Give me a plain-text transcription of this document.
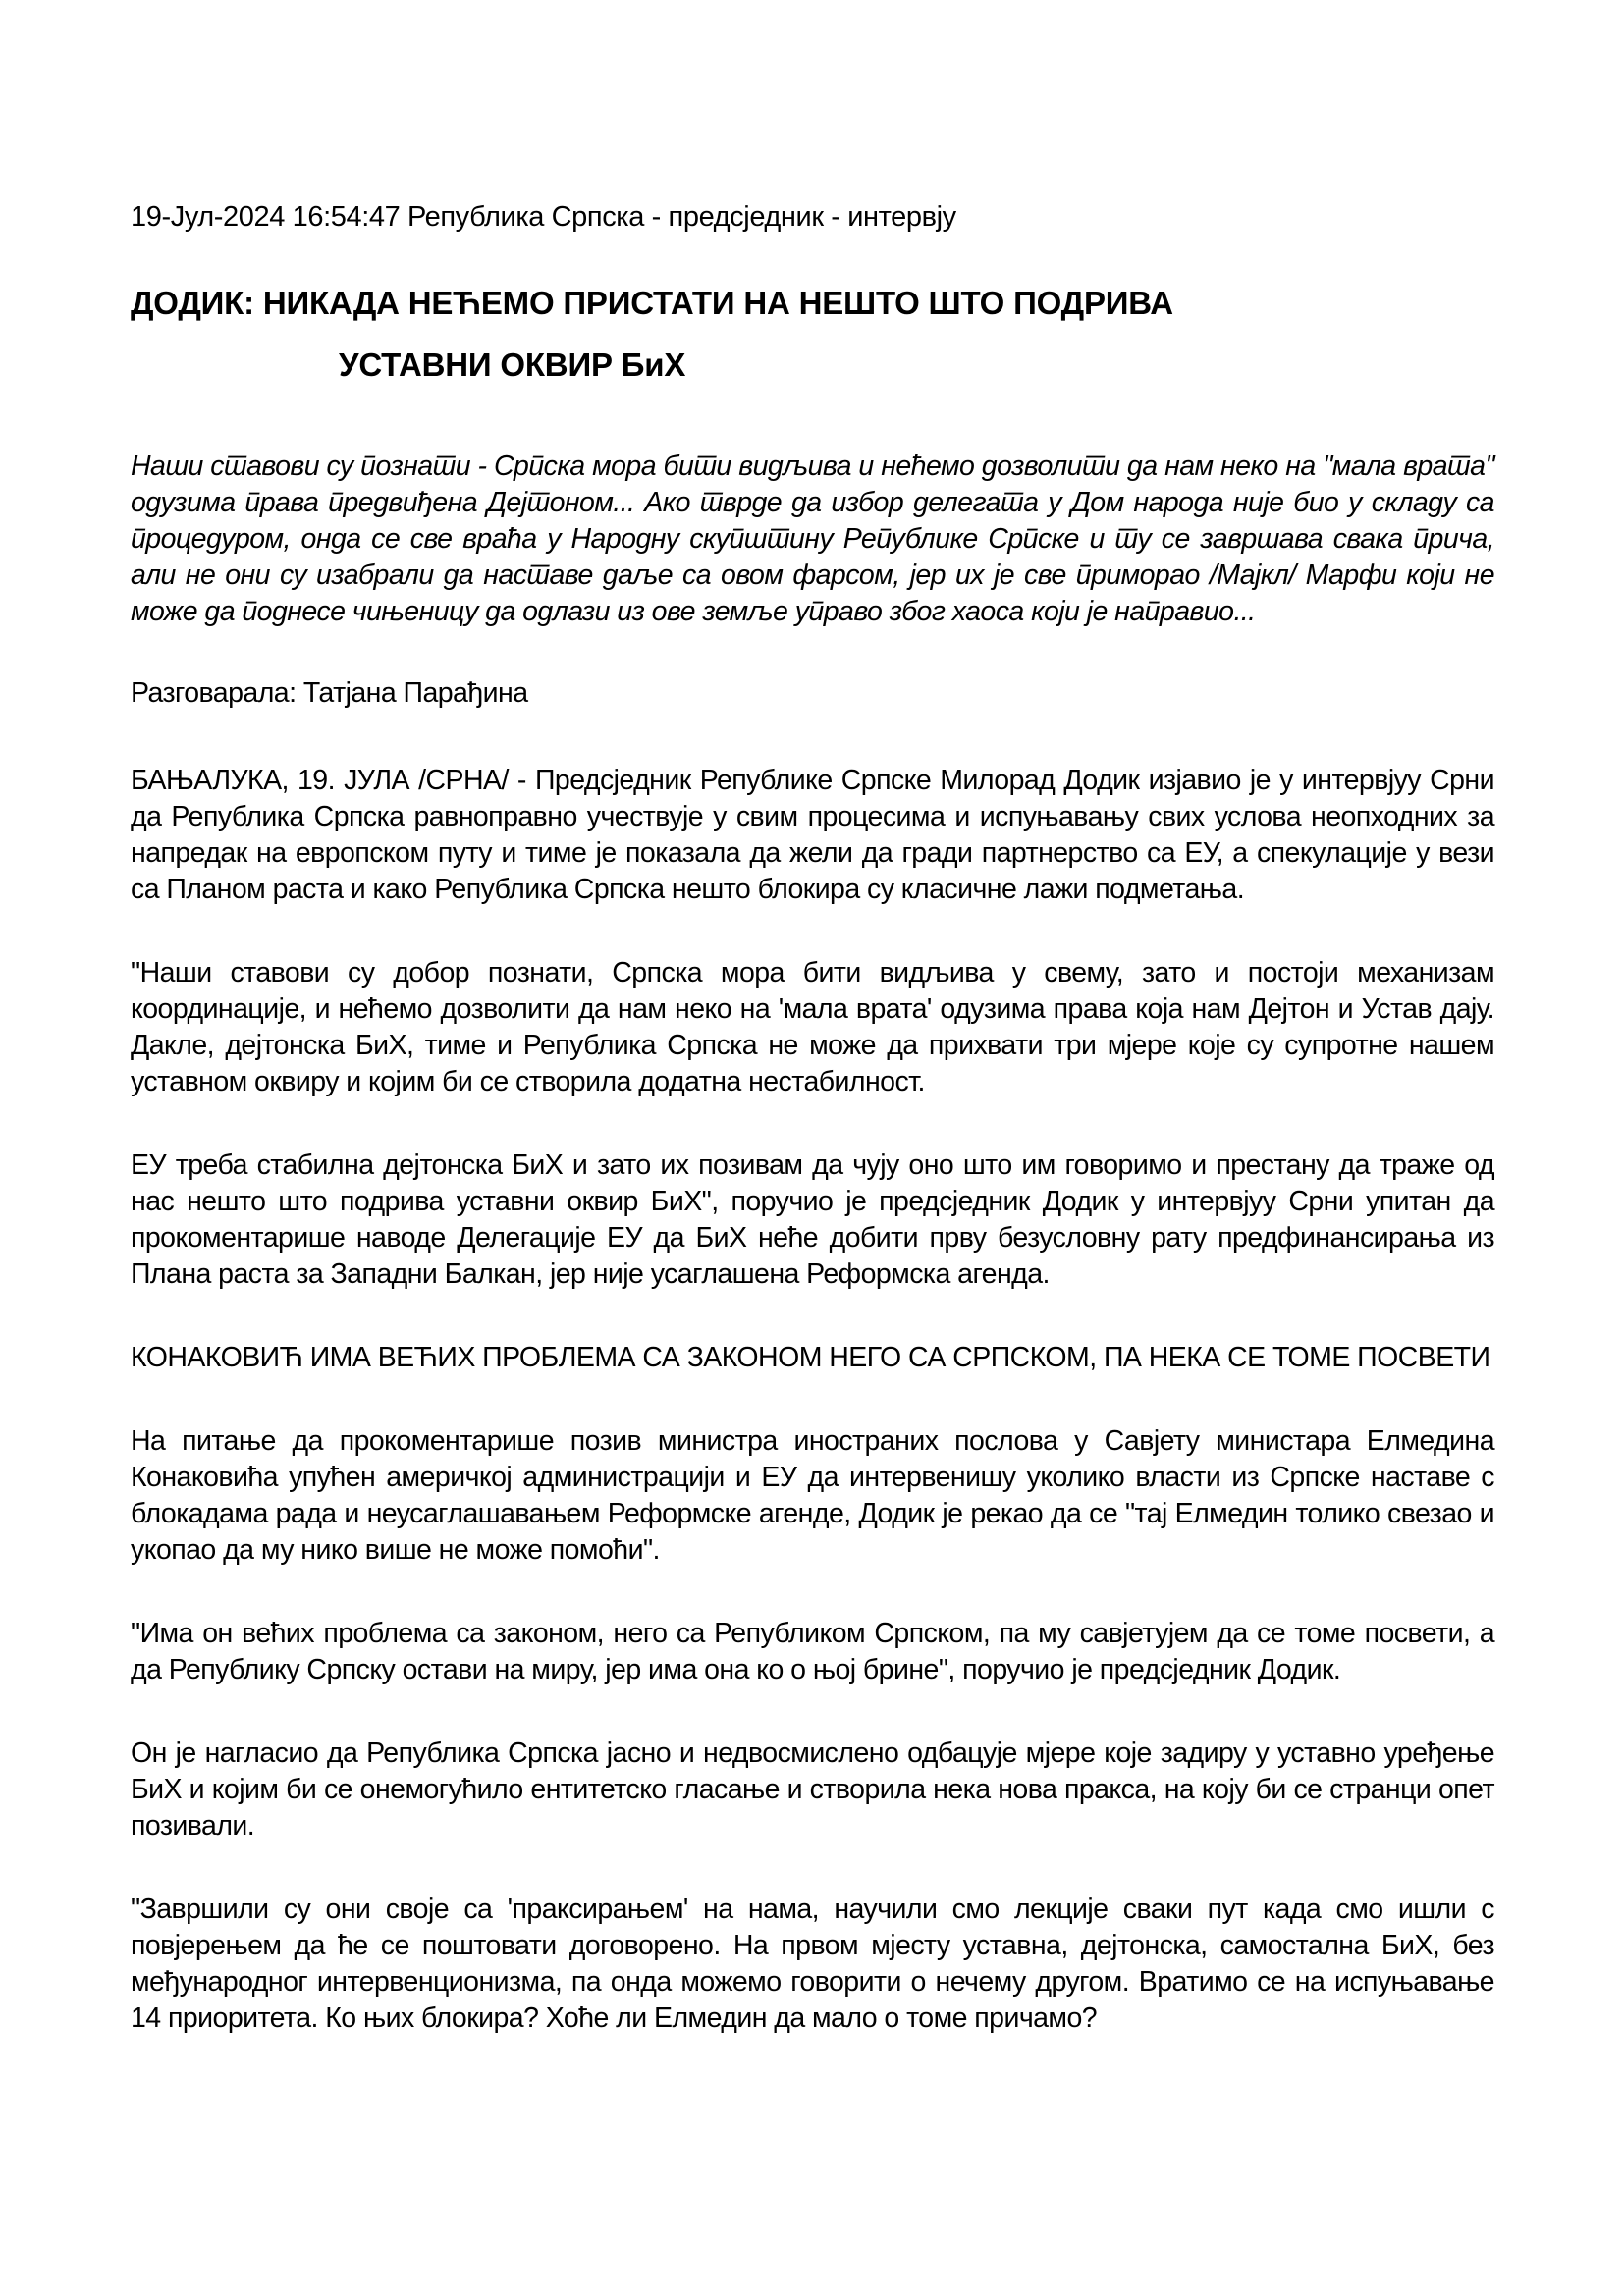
19-Јул-2024 16:54:47 Република Српска - предсједник - интервју
ДОДИК: НИКАДА НЕЋЕМО ПРИСТАТИ НА НЕШТО ШТО ПОДРИВА
УСТАВНИ ОКВИР БиХ

Наши ставови су познати - Српска мора бити видљива и нећемо дозволити да нам неко на "мала врата" одузима права предвиђена Дејтоном... Ако тврде да избор делегата у Дом народа није био у складу са процедуром, онда се све враћа у Народну скупштину Републике Српске и ту се завршава свака прича, али не они су изабрали да наставе даље са овом фарсом, јер их је све приморао /Мајкл/ Марфи који не може да поднесе чињеницу да одлази из ове земље управо због хаоса који је направио...

Разговарала: Татјана Парађина

БАЊАЛУКА, 19. ЈУЛА /СРНА/ - Предсједник Републике Српске Милорад Додик изјавио је у интервјуу Срни да Република Српска равноправно учествује у свим процесима и испуњавању свих услова неопходних за напредак на европском путу и тиме је показала да жели да гради партнерство са ЕУ, а спекулације у вези са Планом раста и како Република Српска нешто блокира су класичне лажи подметања.

"Наши ставови су добор познати, Српска мора бити видљива у свему, зато и постоји механизам координације, и нећемо дозволити да нам неко на 'мала врата' одузима права која нам Дејтон и Устав дају. Дакле, дејтонска БиХ, тиме и Република Српска не може да прихвати три мјере које су супротне нашем уставном оквиру и којим би се створила додатна нестабилност.

ЕУ треба стабилна дејтонска БиХ и зато их позивам да чују оно што им говоримо и престану да траже од нас нешто што подрива уставни оквир БиХ", поручио је предсједник Додик у интервјуу Срни упитан да прокоментарише наводе Делегације ЕУ да БиХ неће добити прву безусловну рату предфинансирања из Плана раста за Западни Балкан, јер није усаглашена Реформска агенда.

КОНАКОВИЋ ИМА ВЕЋИХ ПРОБЛЕМА СА ЗАКОНОМ НЕГО СА СРПСКОМ, ПА НЕКА СЕ ТОМЕ ПОСВЕТИ

На питање да прокоментарише позив министра иностраних послова у Савјету министара Елмедина Конаковића упућен америчкој администрацији и ЕУ да интервенишу уколико власти из Српске наставе с блокадама рада и неусаглашавањем Реформске агенде, Додик је рекао да се "тај Елмедин толико свезао и укопао да му нико више не може помоћи".

"Има он већих проблема са законом, него са Републиком Српском, па му савјетујем да се томе посвети, а да Републику Српску остави на миру, јер има она ко о њој брине", поручио је предсједник Додик.

Он је нагласио да Република Српска јасно и недвосмислено одбацује мјере које задиру у уставно уређење БиХ и којим би се онемогућило ентитетско гласање и створила нека нова пракса, на коју би се странци опет позивали.

"Завршили су они своје са 'праксирањем' на нама, научили смо лекције сваки пут када смо ишли с повјерењем да ће се поштовати договорено. На првом мјесту уставна, дејтонска, самостална БиХ, без међународног интервенционизма, па онда можемо говорити о нечему другом. Вратимо се на испуњавање 14 приоритета. Ко њих блокира? Хоће ли Елмедин да мало о томе причамо?
